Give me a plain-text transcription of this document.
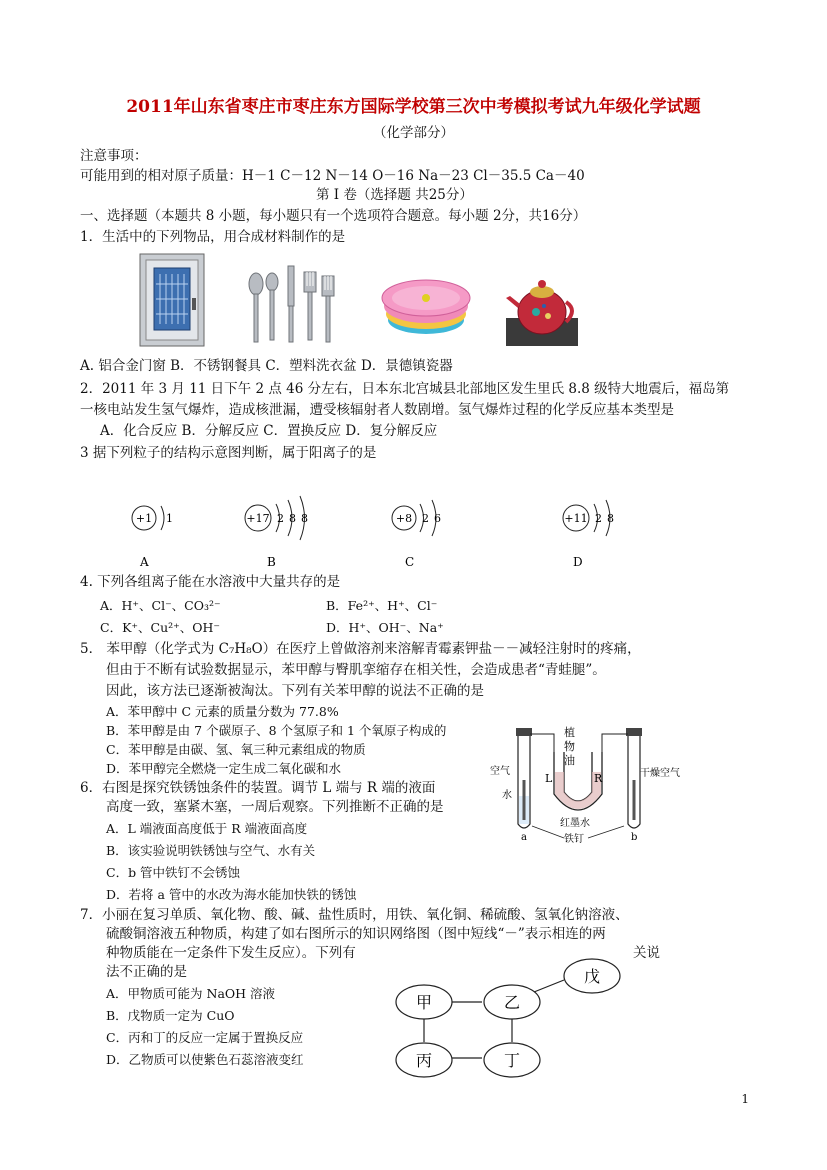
2011年山东省枣庄市枣庄东方国际学校第三次中考模拟考试九年级化学试题
（化学部分）
注意事项：
可能用到的相对原子质量：H－1 C－12 N－14 O－16 Na－23 Cl－35.5 Ca－40
第 I 卷（选择题 共25分）
一、选择题（本题共 8 小题，每小题只有一个选项符合题意。每小题 2分，共16分）
1．生活中的下列物品，用合成材料制作的是
A. 铝合金门窗 B．不锈钢餐具 C．塑料洗衣盆 D．景德镇瓷器
2．2011 年 3 月 11 日下午 2 点 46 分左右，日本东北宫城县北部地区发生里氏 8.8 级特大地震后，福岛第
一核电站发生氢气爆炸，造成核泄漏，遭受核辐射者人数剧增。氢气爆炸过程的化学反应基本类型是
A．化合反应 B．分解反应 C．置换反应 D．复分解反应
3 据下列粒子的结构示意图判断，属于阳离子的是
+1 1
A
+17 2 8 8
B
+8 2 6
C
+11 2 8
D
4. 下列各组离子能在水溶液中大量共存的是
A．H⁺、Cl⁻、CO₃²⁻	B．Fe²⁺、H⁺、Cl⁻
C．K⁺、Cu²⁺、OH⁻	D．H⁺、OH⁻、Na⁺
5． 苯甲醇（化学式为 C₇H₈O）在医疗上曾做溶剂来溶解青霉素钾盐－－减轻注射时的疼痛，
但由于不断有试验数据显示，苯甲醇与臀肌挛缩存在相关性，会造成患者“青蛙腿”。
因此，该方法已逐渐被淘汰。下列有关苯甲醇的说法不正确的是
A．苯甲醇中 C 元素的质量分数为 77.8%
B．苯甲醇是由 7 个碳原子、8 个氢原子和 1 个氧原子构成的
C．苯甲醇是由碳、氢、氧三种元素组成的物质
D．苯甲醇完全燃烧一定生成二氧化碳和水
6．右图是探究铁锈蚀条件的装置。调节 L 端与 R 端的液面
高度一致，塞紧木塞，一周后观察。下列推断不正确的是
A．L 端液面高度低于 R 端液面高度
B．该实验说明铁锈蚀与空气、水有关
C．b 管中铁钉不会锈蚀
D．若将 a 管中的水改为海水能加快铁的锈蚀
植
物
油
L	R
空气	干燥空气
水
红墨水
铁钉
a	b
7．小丽在复习单质、氧化物、酸、碱、盐性质时，用铁、氧化铜、稀硫酸、氢氧化钠溶液、
硫酸铜溶液五种物质，构建了如右图所示的知识网络图（图中短线“－”表示相连的两
种物质能在一定条件下发生反应）。下列有	关说
法不正确的是
A．甲物质可能为 NaOH 溶液
B．戊物质一定为 CuO
C．丙和丁的反应一定属于置换反应
D．乙物质可以使紫色石蕊溶液变红
甲	乙
戊
丙	丁
1
